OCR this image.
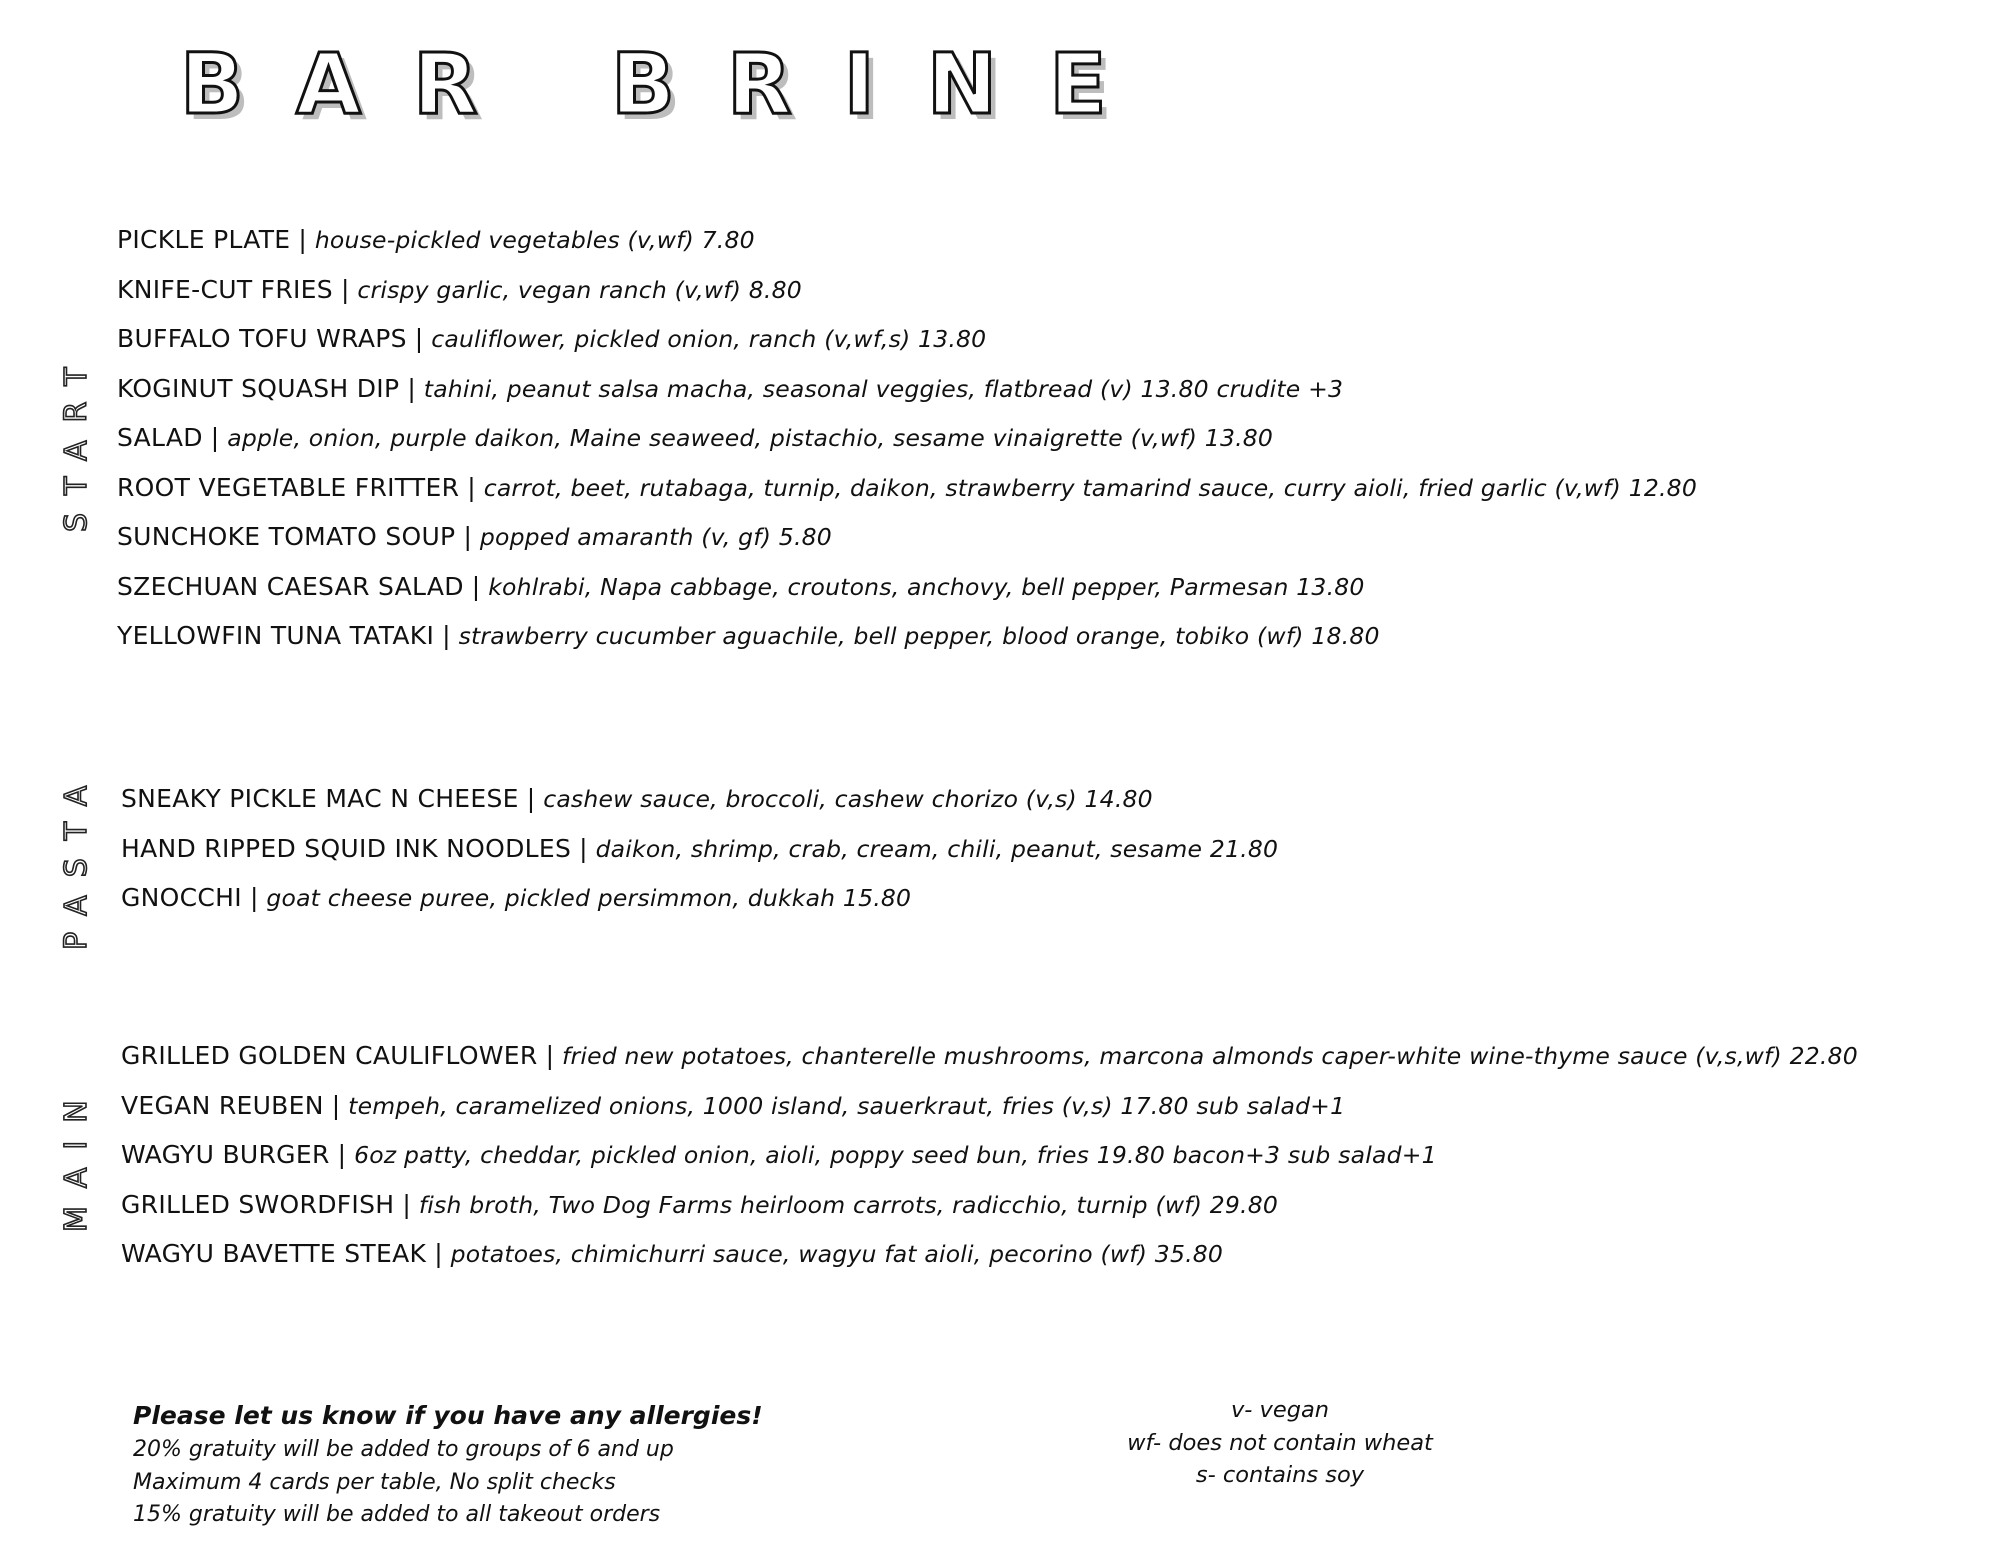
BAR BRINE
START
PICKLE PLATE | house-pickled vegetables (v,wf) 7.80
KNIFE-CUT FRIES | crispy garlic, vegan ranch (v,wf) 8.80
BUFFALO TOFU WRAPS | cauliflower, pickled onion, ranch (v,wf,s) 13.80
KOGINUT SQUASH DIP | tahini, peanut salsa macha, seasonal veggies, flatbread (v) 13.80 crudite +3
SALAD | apple, onion, purple daikon, Maine seaweed, pistachio, sesame vinaigrette (v,wf) 13.80
ROOT VEGETABLE FRITTER | carrot, beet, rutabaga, turnip, daikon, strawberry tamarind sauce, curry aioli, fried garlic (v,wf) 12.80
SUNCHOKE TOMATO SOUP | popped amaranth (v, gf) 5.80
SZECHUAN CAESAR SALAD | kohlrabi, Napa cabbage, croutons, anchovy, bell pepper, Parmesan 13.80
YELLOWFIN TUNA TATAKI | strawberry cucumber aguachile, bell pepper, blood orange, tobiko (wf) 18.80
PASTA SNEAKY PICKLE MAC N CHEESE | cashew sauce, broccoli, cashew chorizo (v,s) 14.80
HAND RIPPED SQUID INK NOODLES | daikon, shrimp, crab, cream, chili, peanut, sesame 21.80
GNOCCHI | goat cheese puree, pickled persimmon, dukkah 15.80
MAIN
GRILLED GOLDEN CAULIFLOWER | fried new potatoes, chanterelle mushrooms, marcona almonds caper-white wine-thyme sauce (v,s,wf) 22.80
VEGAN REUBEN | tempeh, caramelized onions, 1000 island, sauerkraut, fries (v,s) 17.80 sub salad+1
WAGYU BURGER | 6oz patty, cheddar, pickled onion, aioli, poppy seed bun, fries 19.80 bacon+3 sub salad+1
GRILLED SWORDFISH | fish broth, Two Dog Farms heirloom carrots, radicchio, turnip (wf) 29.80
WAGYU BAVETTE STEAK | potatoes, chimichurri sauce, wagyu fat aioli, pecorino (wf) 35.80
Please let us know if you have any allergies!
20% gratuity will be added to groups of 6 and up
Maximum 4 cards per table, No split checks
15% gratuity will be added to all takeout orders
v- vegan
wf- does not contain wheat
s- contains soy
